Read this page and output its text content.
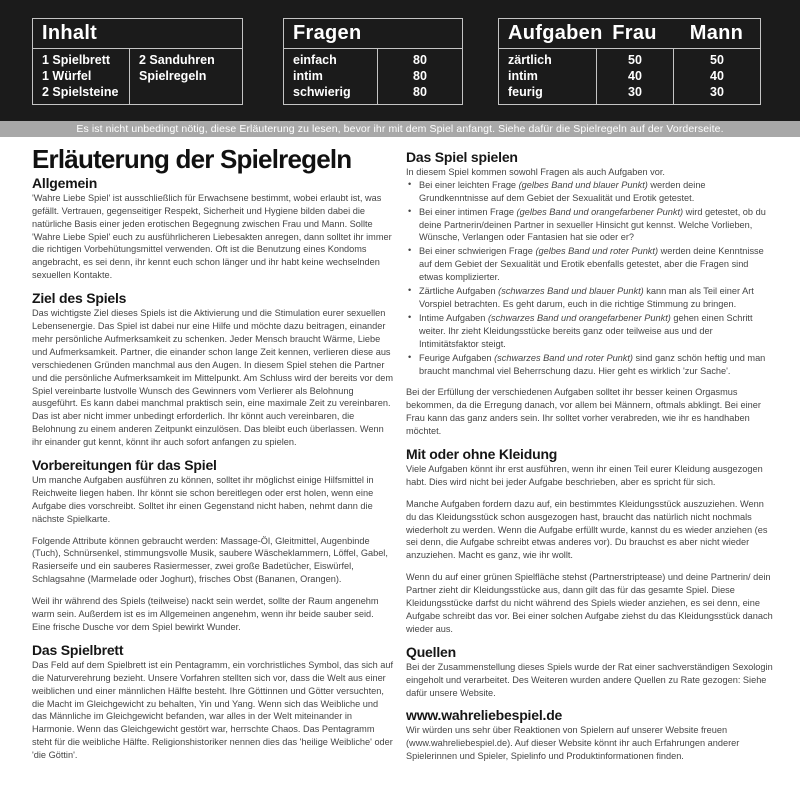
Inhalt
1 Spielbrett
1 Würfel
2 Spielsteine
2 Sanduhren
Spielregeln
Fragen
einfach
intim
schwierig
80
80
80
Aufgaben Frau	Mann
zärtlich
intim
feurig
50
40
30
50
40
30
Es ist nicht unbedingt nötig, diese Erläuterung zu lesen, bevor ihr mit dem Spiel anfangt. Siehe dafür die Spielregeln auf der Vorderseite.
Erläuterung der Spielregeln
Allgemein

'Wahre Liebe Spiel' ist ausschließlich für Erwachsene bestimmt, wobei erlaubt ist, was gefällt. Vertrauen, gegenseitiger Respekt, Sicherheit und Hygiene bilden dabei die natürliche Basis einer jeden erotischen Begegnung zwischen Frau und Mann. Sollte 'Wahre Liebe Spiel' euch zu ausführlicheren Liebesakten anregen, dann solltet ihr immer die richtigen Vorbehütungsmittel verwenden. Oft ist die Benutzung eines Kondoms angebracht, es sei denn, ihr kennt euch schon länger und ihr habt keine wechselnden sexuellen Kontakte.

Ziel des Spiels

Das wichtigste Ziel dieses Spiels ist die Aktivierung und die Stimulation eurer sexuellen Lebensenergie. Das Spiel ist dabei nur eine Hilfe und möchte dazu beitragen, einander mehr persönliche Aufmerksamkeit zu schenken. Jeder Mensch braucht Wärme, Liebe und Aufmerksamkeit. Partner, die einander schon lange Zeit kennen, verlieren diese aus verschiedenen Gründen manchmal aus den Augen. In diesem Spiel stehen die Partner und die persönliche Aufmerksamkeit im Mittelpunkt. Am Schluss wird der bereits vor dem Spiel vereinbarte lustvolle Wunsch des Gewinners vom Verlierer als Belohnung ausgeführt. Es kann dabei manchmal praktisch sein, eine maximale Zeit zu vereinbaren. Das ist aber nicht immer unbedingt erforderlich. Ihr könnt auch vereinbaren, die Belohnung zu einem anderen Zeitpunkt einzulösen. Das bleibt euch überlassen. Wenn ihr einander gut kennt, könnt ihr auch sofort anfangen zu spielen.

Vorbereitungen für das Spiel

Um manche Aufgaben ausführen zu können, solltet ihr möglichst einige Hilfsmittel in Reichweite liegen haben. Ihr könnt sie schon bereitlegen oder erst holen, wenn eine Aufgabe dies vorschreibt. Solltet ihr einen Gegenstand nicht haben, nehmt dann die nächste Spielkarte.

Folgende Attribute können gebraucht werden: Massage-Öl, Gleitmittel, Augenbinde (Tuch), Schnürsenkel, stimmungsvolle Musik, saubere Wäscheklammern, Löffel, Gabel, Rasierseife und ein sauberes Rasiermesser, zwei große Badetücher, Eiswürfel, Schlagsahne (Marmelade oder Joghurt), frisches Obst (Bananen, Orangen).

Weil ihr während des Spiels (teilweise) nackt sein werdet, sollte der Raum angenehm warm sein. Außerdem ist es im Allgemeinen angenehm, wenn ihr beide sauber seid. Eine frische Dusche vor dem Spiel bewirkt Wunder.

Das Spielbrett

Das Feld auf dem Spielbrett ist ein Pentagramm, ein vorchristliches Symbol, das sich auf die Naturverehrung bezieht. Unsere Vorfahren stellten sich vor, dass die Welt aus einer weiblichen und einer männlichen Hälfte besteht. Ihre Göttinnen und Götter versuchten, die Macht im Gleichgewicht zu behalten, Yin und Yang. Wenn sich das Weibliche und das Männliche im Gleichgewicht befanden, war alles in der Welt miteinander in Harmonie. Wenn das Gleichgewicht gestört war, herrschte Chaos. Das Pentagramm steht für die weibliche Hälfte. Religionshistoriker nennen dies das 'heilige Weibliche' oder 'die Göttin'.

Das Spiel spielen

In diesem Spiel kommen sowohl Fragen als auch Aufgaben vor.

• Bei einer leichten Frage (gelbes Band und blauer Punkt) werden deine Grundkenntnisse auf dem Gebiet der Sexualität und Erotik getestet.
• Bei einer intimen Frage (gelbes Band und orangefarbener Punkt) wird getestet, ob du deine Partnerin/deinen Partner in sexueller Hinsicht gut kennst. Welche Vorlieben, Wünsche, Verlangen oder Fantasien hat sie oder er?
• Bei einer schwierigen Frage (gelbes Band und roter Punkt) werden deine Kenntnisse auf dem Gebiet der Sexualität und Erotik ebenfalls getestet, aber die Fragen sind etwas komplizierter.
• Zärtliche Aufgaben (schwarzes Band und blauer Punkt) kann man als Teil einer Art Vorspiel betrachten. Es geht darum, euch in die richtige Stimmung zu bringen.
• Intime Aufgaben (schwarzes Band und orangefarbener Punkt) gehen einen Schritt weiter. Ihr zieht Kleidungsstücke bereits ganz oder teilweise aus und der Intimitätsfaktor steigt.
• Feurige Aufgaben (schwarzes Band und roter Punkt) sind ganz schön heftig und man braucht manchmal viel Beherrschung dazu. Hier geht es wirklich 'zur Sache'.

Bei der Erfüllung der verschiedenen Aufgaben solltet ihr besser keinen Orgasmus bekommen, da die Erregung danach, vor allem bei Männern, oftmals abklingt. Bei einer Frau kann das ganz anders sein. Ihr solltet vorher verabreden, wie ihr es handhaben möchtet.

Mit oder ohne Kleidung

Viele Aufgaben könnt ihr erst ausführen, wenn ihr einen Teil eurer Kleidung ausgezogen habt. Dies wird nicht bei jeder Aufgabe beschrieben, aber es spricht für sich.

Manche Aufgaben fordern dazu auf, ein bestimmtes Kleidungsstück auszuziehen. Wenn du das Kleidungsstück schon ausgezogen hast, braucht das natürlich nicht nochmals wiederholt zu werden. Wenn die Aufgabe erfüllt wurde, kannst du es wieder anziehen (es sei denn, die Aufgabe schreibt etwas anderes vor). Du brauchst es aber nicht wieder anzuziehen. Macht es ganz, wie ihr wollt.

Wenn du auf einer grünen Spielfläche stehst (Partnerstriptease) und deine Partnerin/ dein Partner zieht dir Kleidungsstücke aus, dann gilt das für das gesamte Spiel. Diese Kleidungsstücke darfst du nicht während des Spiels wieder anziehen, es sei denn, eine Aufgabe schreibt das vor. Bei einer solchen Aufgabe ziehst du das Kleidungsstück danach wieder aus.

Quellen

Bei der Zusammenstellung dieses Spiels wurde der Rat einer sachverständigen Sexologin eingeholt und verarbeitet. Des Weiteren wurden andere Quellen zu Rate gezogen: Siehe dafür unsere Website.

www.wahreliebespiel.de

Wir würden uns sehr über Reaktionen von Spielern auf unserer Website freuen (www.wahreliebespiel.de). Auf dieser Website könnt ihr auch Erfahrungen anderer Spielerinnen und Spieler, Spielinfo und Produktinformationen finden.
